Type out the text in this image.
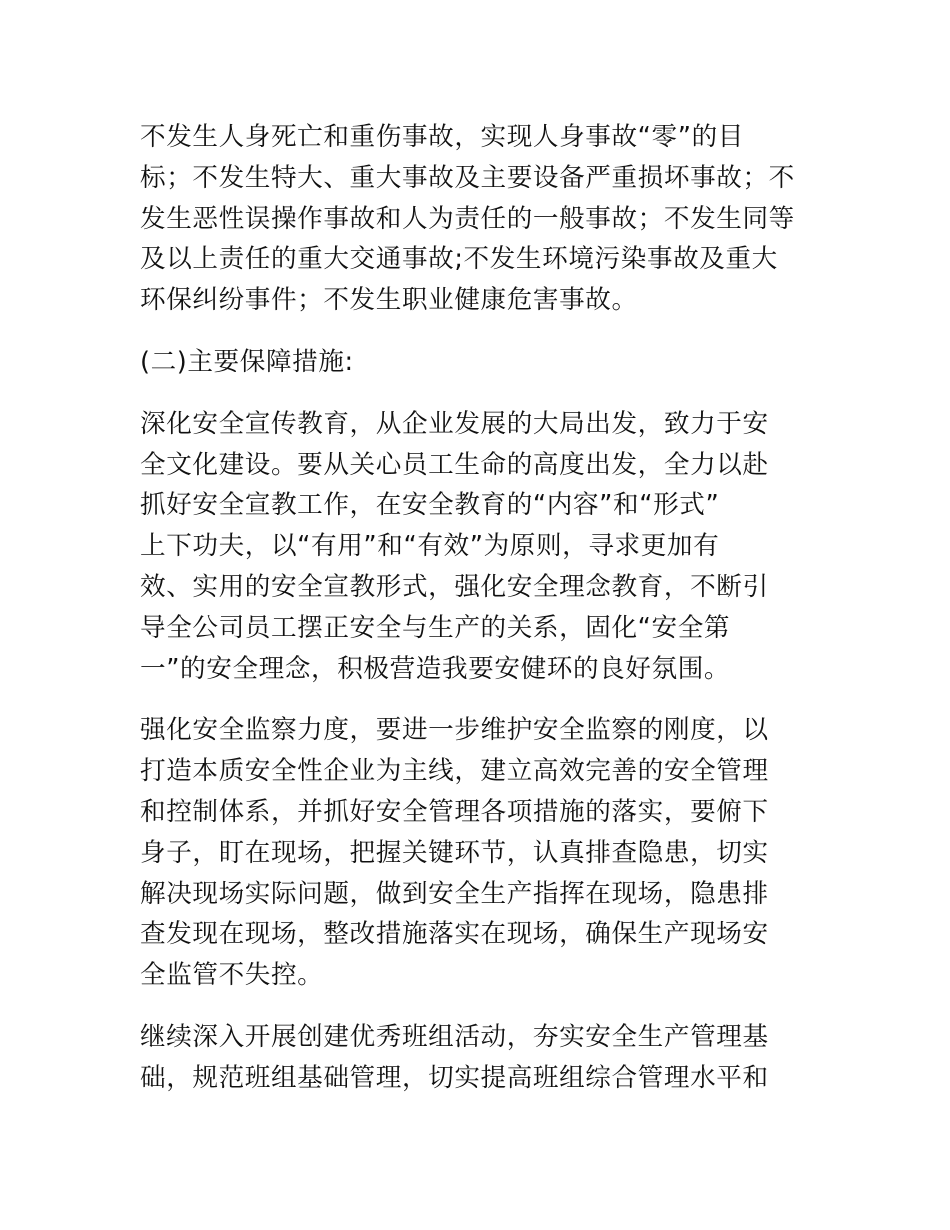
不发生人身死亡和重伤事故，实现人身事故“零”的目
标；不发生特大、重大事故及主要设备严重损坏事故；不
发生恶性误操作事故和人为责任的一般事故；不发生同等
及以上责任的重大交通事故;不发生环境污染事故及重大
环保纠纷事件；不发生职业健康危害事故。
(二)主要保障措施:
深化安全宣传教育，从企业发展的大局出发，致力于安
全文化建设。要从关心员工生命的高度出发，全力以赴
抓好安全宣教工作，在安全教育的“内容”和“形式”
上下功夫，以“有用”和“有效”为原则，寻求更加有
效、实用的安全宣教形式，强化安全理念教育，不断引
导全公司员工摆正安全与生产的关系，固化“安全第
一”的安全理念，积极营造我要安健环的良好氛围。
强化安全监察力度，要进一步维护安全监察的刚度，以
打造本质安全性企业为主线，建立高效完善的安全管理
和控制体系，并抓好安全管理各项措施的落实，要俯下
身子，盯在现场，把握关键环节，认真排查隐患，切实
解决现场实际问题，做到安全生产指挥在现场，隐患排
查发现在现场，整改措施落实在现场，确保生产现场安
全监管不失控。
继续深入开展创建优秀班组活动，夯实安全生产管理基
础，规范班组基础管理，切实提高班组综合管理水平和
